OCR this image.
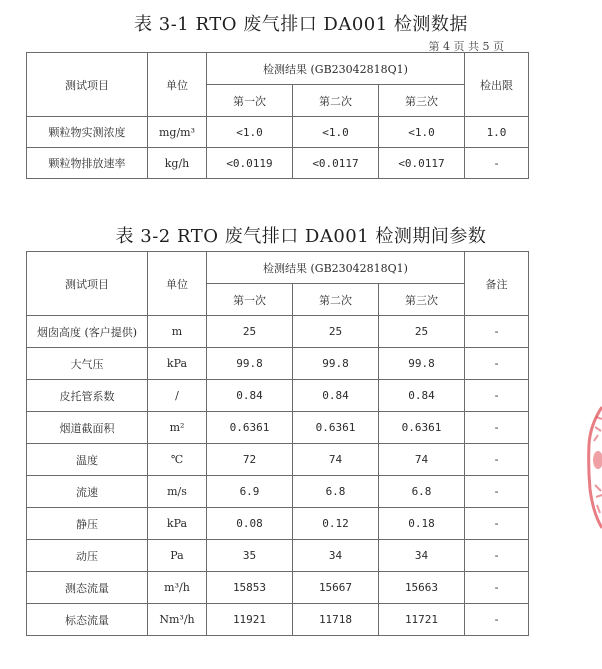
表 3-1 RTO 废气排口 DA001 检测数据
第 4 页 共 5 页
测试项目	单位	检测结果 (GB23042818Q1)			检出限
		第一次	第二次	第三次	
颗粒物实测浓度	mg/m³	<1.0	<1.0	<1.0	1.0
颗粒物排放速率	kg/h	<0.0119	<0.0117	<0.0117	-
表 3-2 RTO 废气排口 DA001 检测期间参数
测试项目	单位	检测结果 (GB23042818Q1)			备注
		第一次	第二次	第三次	
烟囱高度 (客户提供)	m	25	25	25	-
大气压	kPa	99.8	99.8	99.8	-
皮托管系数	/	0.84	0.84	0.84	-
烟道截面积	m²	0.6361	0.6361	0.6361	-
温度	℃	72	74	74	-
流速	m/s	6.9	6.8	6.8	-
静压	kPa	0.08	0.12	0.18	-
动压	Pa	35	34	34	-
测态流量	m³/h	15853	15667	15663	-
标态流量	Nm³/h	11921	11718	11721	-
